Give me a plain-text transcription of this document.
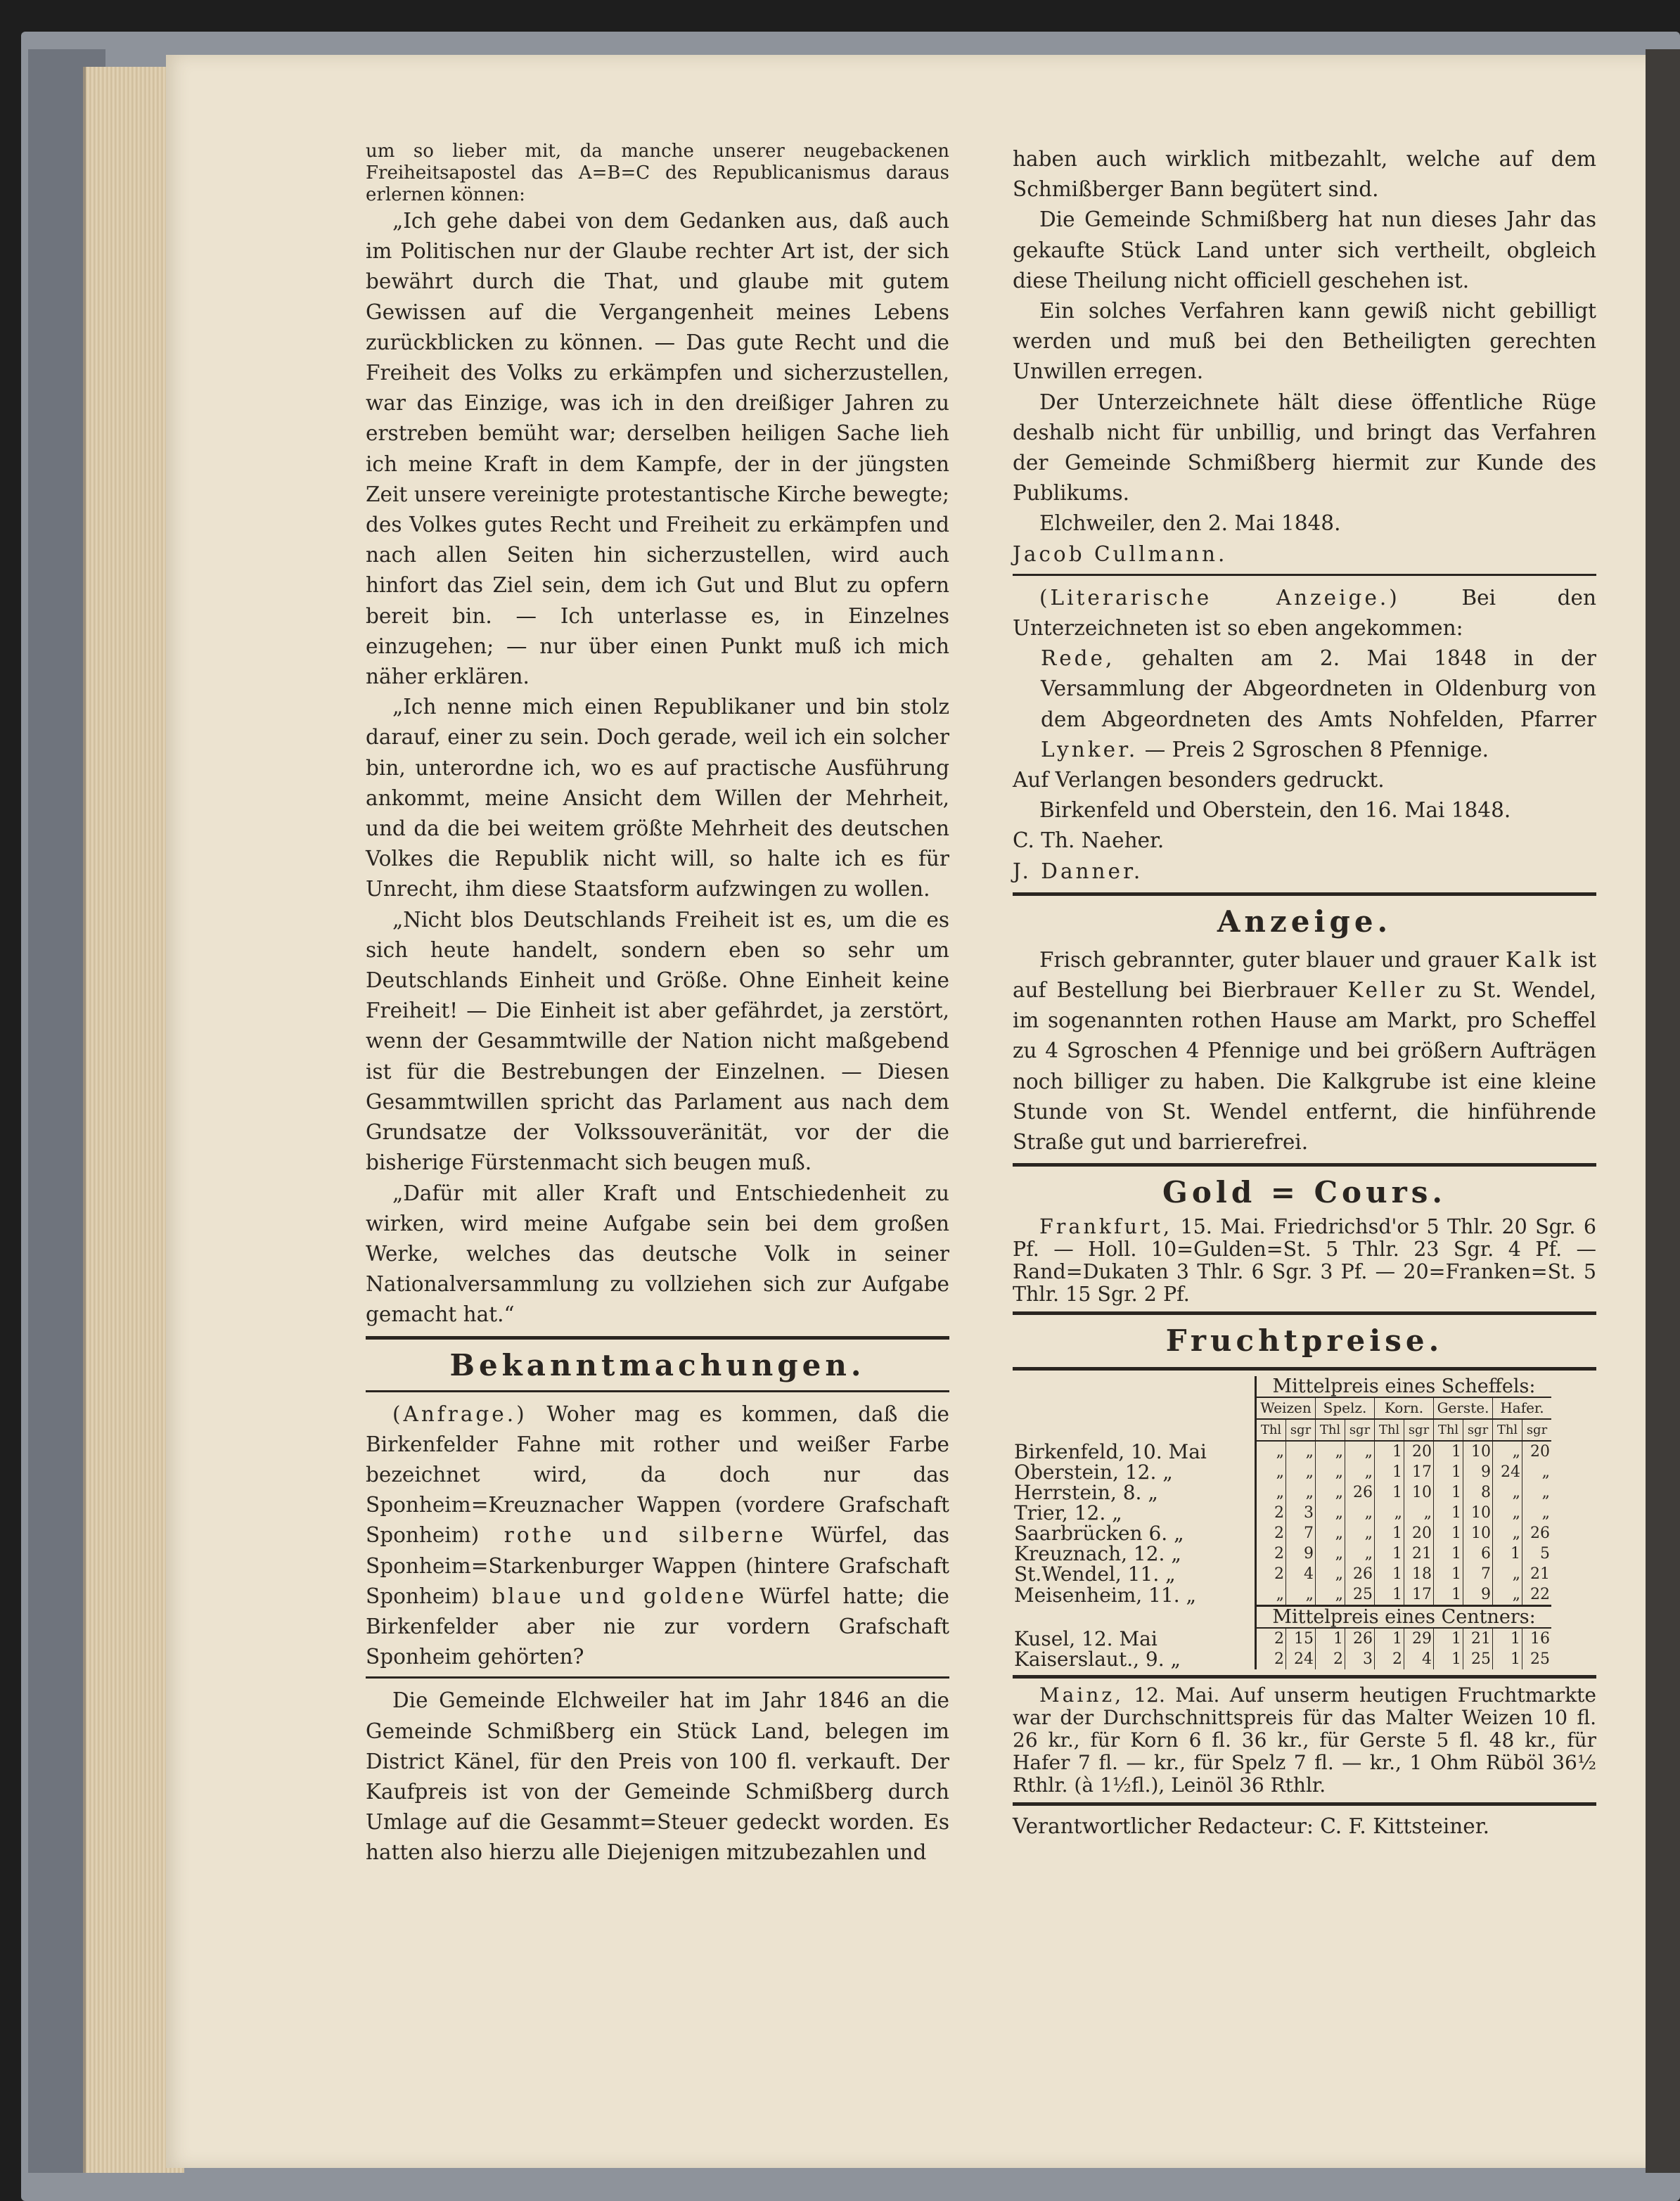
um so lieber mit, da manche unserer neugebackenen Freiheitsapostel das A=B=C des Republicanismus daraus erlernen können:

„Ich gehe dabei von dem Gedanken aus, daß auch im Politischen nur der Glaube rechter Art ist, der sich bewährt durch die That, und glaube mit gutem Gewissen auf die Vergangenheit meines Lebens zurückblicken zu können. — Das gute Recht und die Freiheit des Volks zu erkämpfen und sicherzustellen, war das Einzige, was ich in den dreißiger Jahren zu erstreben bemüht war; derselben heiligen Sache lieh ich meine Kraft in dem Kampfe, der in der jüngsten Zeit unsere vereinigte protestantische Kirche bewegte; des Volkes gutes Recht und Freiheit zu erkämpfen und nach allen Seiten hin sicherzustellen, wird auch hinfort das Ziel sein, dem ich Gut und Blut zu opfern bereit bin. — Ich unterlasse es, in Einzelnes einzugehen; — nur über einen Punkt muß ich mich näher erklären.

„Ich nenne mich einen Republikaner und bin stolz darauf, einer zu sein. Doch gerade, weil ich ein solcher bin, unterordne ich, wo es auf practische Ausführung ankommt, meine Ansicht dem Willen der Mehrheit, und da die bei weitem größte Mehrheit des deutschen Volkes die Republik nicht will, so halte ich es für Unrecht, ihm diese Staatsform aufzwingen zu wollen.

„Nicht blos Deutschlands Freiheit ist es, um die es sich heute handelt, sondern eben so sehr um Deutschlands Einheit und Größe. Ohne Einheit keine Freiheit! — Die Einheit ist aber gefährdet, ja zerstört, wenn der Gesammtwille der Nation nicht maßgebend ist für die Bestrebungen der Einzelnen. — Diesen Gesammtwillen spricht das Parlament aus nach dem Grundsatze der Volkssouveränität, vor der die bisherige Fürstenmacht sich beugen muß.

„Dafür mit aller Kraft und Entschiedenheit zu wirken, wird meine Aufgabe sein bei dem großen Werke, welches das deutsche Volk in seiner Nationalversammlung zu vollziehen sich zur Aufgabe gemacht hat.“

Bekanntmachungen.

(Anfrage.) Woher mag es kommen, daß die Birkenfelder Fahne mit rother und weißer Farbe bezeichnet wird, da doch nur das Sponheim=Kreuznacher Wappen (vordere Grafschaft Sponheim) rothe und silberne Würfel, das Sponheim=Starkenburger Wappen (hintere Grafschaft Sponheim) blaue und goldene Würfel hatte; die Birkenfelder aber nie zur vordern Grafschaft Sponheim gehörten?

Die Gemeinde Elchweiler hat im Jahr 1846 an die Gemeinde Schmißberg ein Stück Land, belegen im District Känel, für den Preis von 100 fl. verkauft. Der Kaufpreis ist von der Gemeinde Schmißberg durch Umlage auf die Gesammt=Steuer gedeckt worden. Es hatten also hierzu alle Diejenigen mitzubezahlen und

haben auch wirklich mitbezahlt, welche auf dem Schmißberger Bann begütert sind.

Die Gemeinde Schmißberg hat nun dieses Jahr das gekaufte Stück Land unter sich vertheilt, obgleich diese Theilung nicht officiell geschehen ist.

Ein solches Verfahren kann gewiß nicht gebilligt werden und muß bei den Betheiligten gerechten Unwillen erregen.

Der Unterzeichnete hält diese öffentliche Rüge deshalb nicht für unbillig, und bringt das Verfahren der Gemeinde Schmißberg hiermit zur Kunde des Publikums.

Elchweiler, den 2. Mai 1848.

Jacob Cullmann.

(Literarische Anzeige.)	Bei den Unterzeichneten ist so eben angekommen:

Rede, gehalten am 2. Mai 1848 in der Versammlung der Abgeordneten in Oldenburg von dem Abgeordneten des Amts Nohfelden, Pfarrer Lynker. — Preis 2 Sgroschen 8 Pfennige.

Auf Verlangen besonders gedruckt.

Birkenfeld und Oberstein, den 16. Mai 1848.

C. Th. Naeher.

J. Danner.

Anzeige.

Frisch gebrannter, guter blauer und grauer Kalk ist auf Bestellung bei Bierbrauer Keller zu St. Wendel, im sogenannten rothen Hause am Markt, pro Scheffel zu 4 Sgroschen 4 Pfennige und bei größern Aufträgen noch billiger zu haben. Die Kalkgrube ist eine kleine Stunde von St. Wendel entfernt, die hinführende Straße gut und barrierefrei.

Gold = Cours.

Frankfurt, 15. Mai. Friedrichsd'or 5 Thlr. 20 Sgr. 6 Pf. — Holl. 10=Gulden=St. 5 Thlr. 23 Sgr. 4 Pf. — Rand=Dukaten 3 Thlr. 6 Sgr. 3 Pf. — 20=Franken=St. 5 Thlr. 15 Sgr. 2 Pf.

Fruchtpreise.
	Mittelpreis eines Scheffels:									
	Weizen		Spelz.		Korn.		Gerste.		Hafer.	
	Thl	sgr	Thl	sgr	Thl	sgr	Thl	sgr	Thl	sgr
Birkenfeld, 10. Mai	„	„	„	„	1	20	1	10	„	20
Oberstein, 12. „	„	„	„	„	1	17	1	9	24	„
Herrstein, 8. „	„	„	„	26	1	10	1	8	„	„
Trier, 12. „	2	3	„	„	„	„	1	10	„	„
Saarbrücken 6. „	2	7	„	„	1	20	1	10	„	26
Kreuznach, 12. „	2	9	„	„	1	21	1	6	1	5
St.Wendel, 11. „	2	4	„	26	1	18	1	7	„	21
Meisenheim, 11. „	„	„	„	25	1	17	1	9	„	22
	Mittelpreis eines Centners:									
Kusel, 12. Mai	2	15	1	26	1	29	1	21	1	16
Kaiserslaut., 9. „	2	24	2	3	2	4	1	25	1	25

Mainz, 12. Mai. Auf unserm heutigen Fruchtmarkte war der Durchschnittspreis für das Malter Weizen 10 fl. 26 kr., für Korn 6 fl. 36 kr., für Gerste 5 fl. 48 kr., für Hafer 7 fl. — kr., für Spelz 7 fl. — kr., 1 Ohm Rüböl 36½ Rthlr. (à 1½fl.), Leinöl 36 Rthlr.

Verantwortlicher Redacteur: C. F. Kittsteiner.
